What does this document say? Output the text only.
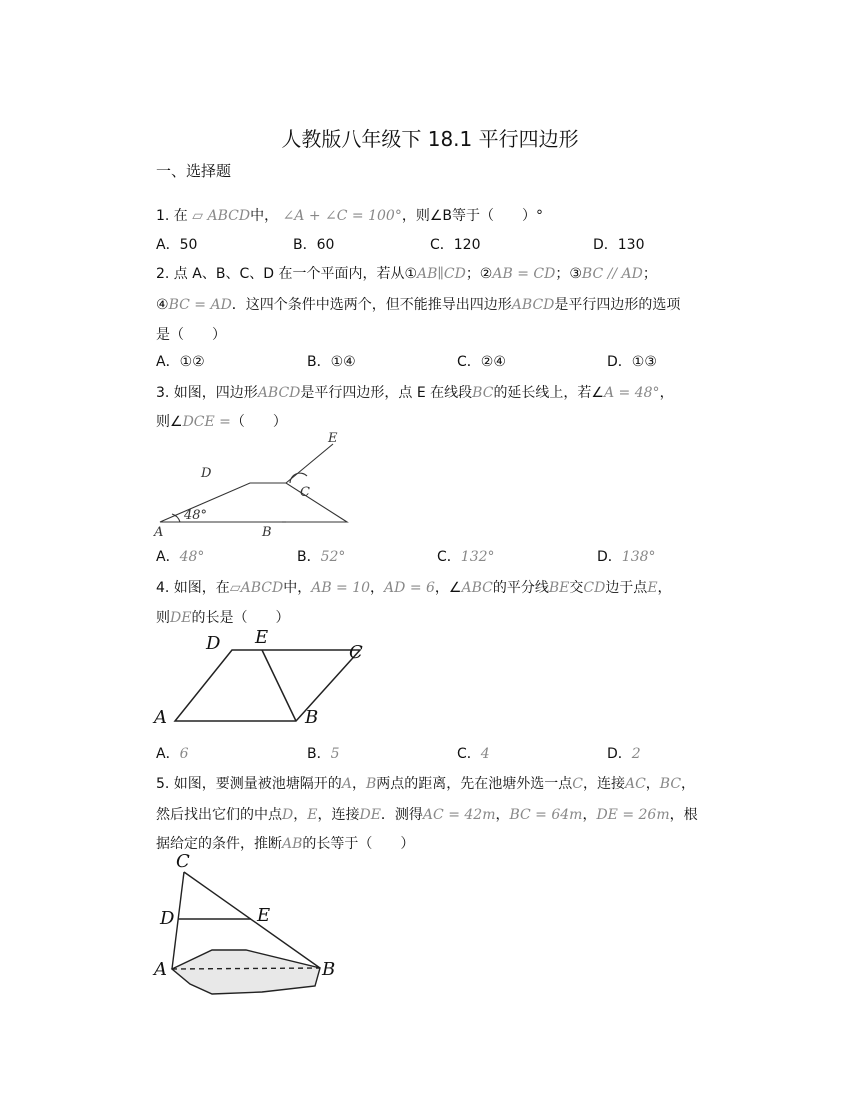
人教版八年级下 18.1 平行四边形
一、选择题
1. 在 ▱ ABCD中， ∠A + ∠C = 100°，则∠B等于（　　）°
A．50	B．60	C．120	D．130
2. 点 A、B、C、D 在一个平面内，若从①AB∥CD；②AB = CD；③BC // AD；
④BC = AD．这四个条件中选两个，但不能推导出四边形ABCD是平行四边形的选项
是（　　）
A．①②	B．①④	C．②④	D．①③
3. 如图，四边形ABCD是平行四边形，点 E 在线段BC的延长线上，若∠A = 48°，
则∠DCE =（　　）
A	B
C
D
E
48°
A．48°	B．52°	C．132°	D．138°
4. 如图，在▱ABCD中，AB = 10，AD = 6，∠ABC的平分线BE交CD边于点E，
则DE的长是（　　）
A	B
C
D E
A．6	B．5	C．4	D．2
5. 如图，要测量被池塘隔开的A，B两点的距离，先在池塘外选一点C，连接AC，BC，
然后找出它们的中点D，E，连接DE．测得AC = 42m，BC = 64m，DE = 26m，根
据给定的条件，推断AB的长等于（　　）
C
D	E
A	B
